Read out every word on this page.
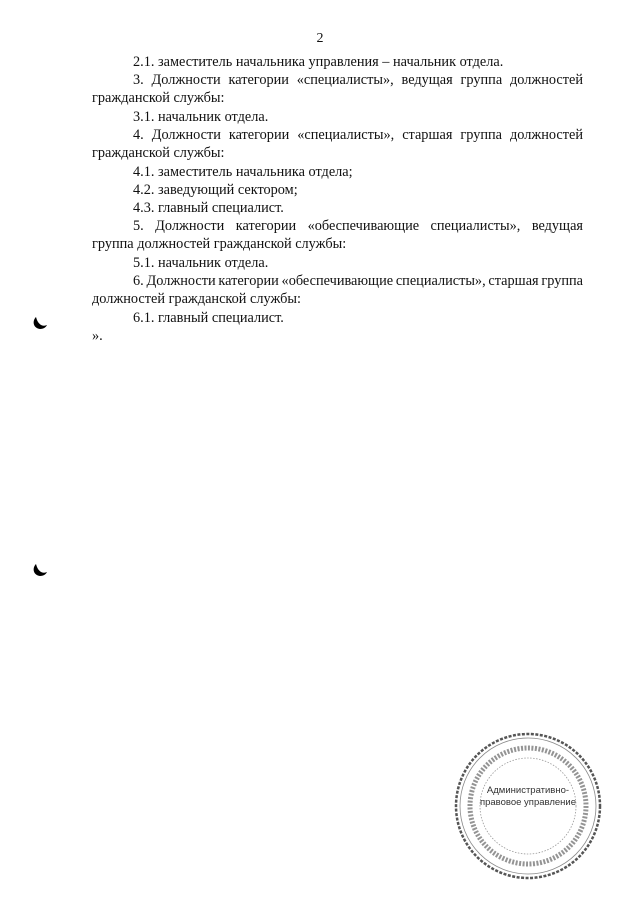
2
2.1. заместитель начальника управления – начальник отдела.
3. Должности категории «специалисты», ведущая группа должностей
гражданской службы:
3.1. начальник отдела.
4. Должности категории «специалисты», старшая группа должностей
гражданской службы:
4.1. заместитель начальника отдела;
4.2. заведующий сектором;
4.3. главный специалист.
5. Должности категории «обеспечивающие специалисты», ведущая
группа должностей гражданской службы:
5.1. начальник отдела.
6. Должности категории «обеспечивающие специалисты», старшая группа
должностей гражданской службы:
6.1. главный специалист.
».
Административно- правовое управление
